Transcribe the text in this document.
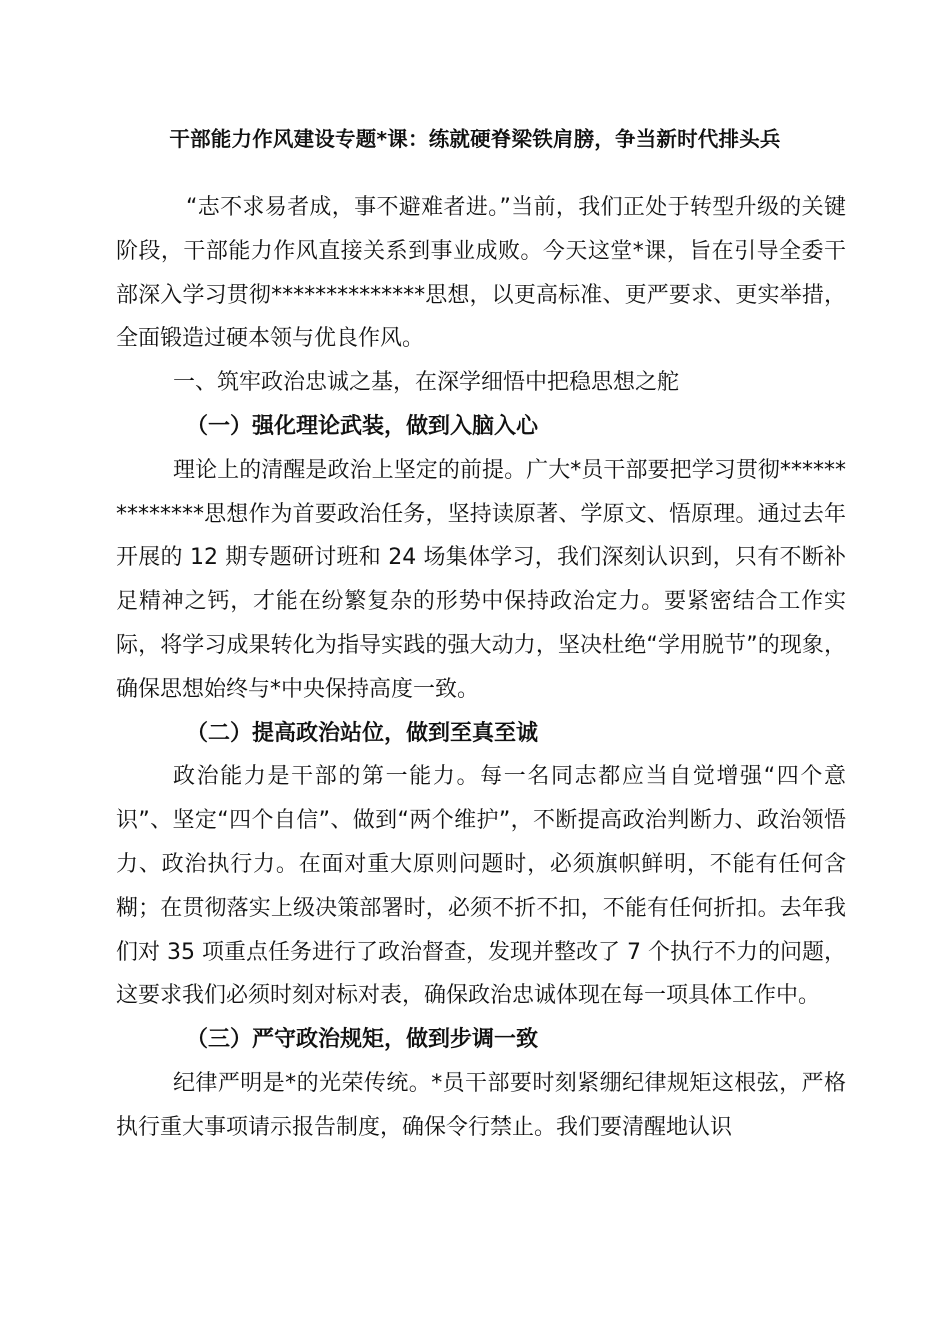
干部能力作风建设专题*课：练就硬脊梁铁肩膀，争当新时代排头兵

“志不求易者成，事不避难者进。”当前，我们正处于转型升级的关键阶段，干部能力作风直接关系到事业成败。今天这堂*课，旨在引导全委干部深入学习贯彻**************思想，以更高标准、更严要求、更实举措，全面锻造过硬本领与优良作风。

一、筑牢政治忠诚之基，在深学细悟中把稳思想之舵

（一）强化理论武装，做到入脑入心

理论上的清醒是政治上坚定的前提。广大*员干部要把学习贯彻**************思想作为首要政治任务，坚持读原著、学原文、悟原理。通过去年开展的 12 期专题研讨班和 24 场集体学习，我们深刻认识到，只有不断补足精神之钙，才能在纷繁复杂的形势中保持政治定力。要紧密结合工作实际，将学习成果转化为指导实践的强大动力，坚决杜绝“学用脱节”的现象，确保思想始终与*中央保持高度一致。

（二）提高政治站位，做到至真至诚

政治能力是干部的第一能力。每一名同志都应当自觉增强“四个意识”、坚定“四个自信”、做到“两个维护”，不断提高政治判断力、政治领悟力、政治执行力。在面对重大原则问题时，必须旗帜鲜明，不能有任何含糊；在贯彻落实上级决策部署时，必须不折不扣，不能有任何折扣。去年我们对 35 项重点任务进行了政治督查，发现并整改了 7 个执行不力的问题，这要求我们必须时刻对标对表，确保政治忠诚体现在每一项具体工作中。

（三）严守政治规矩，做到步调一致

纪律严明是*的光荣传统。*员干部要时刻紧绷纪律规矩这根弦，严格执行重大事项请示报告制度，确保令行禁止。我们要清醒地认识
